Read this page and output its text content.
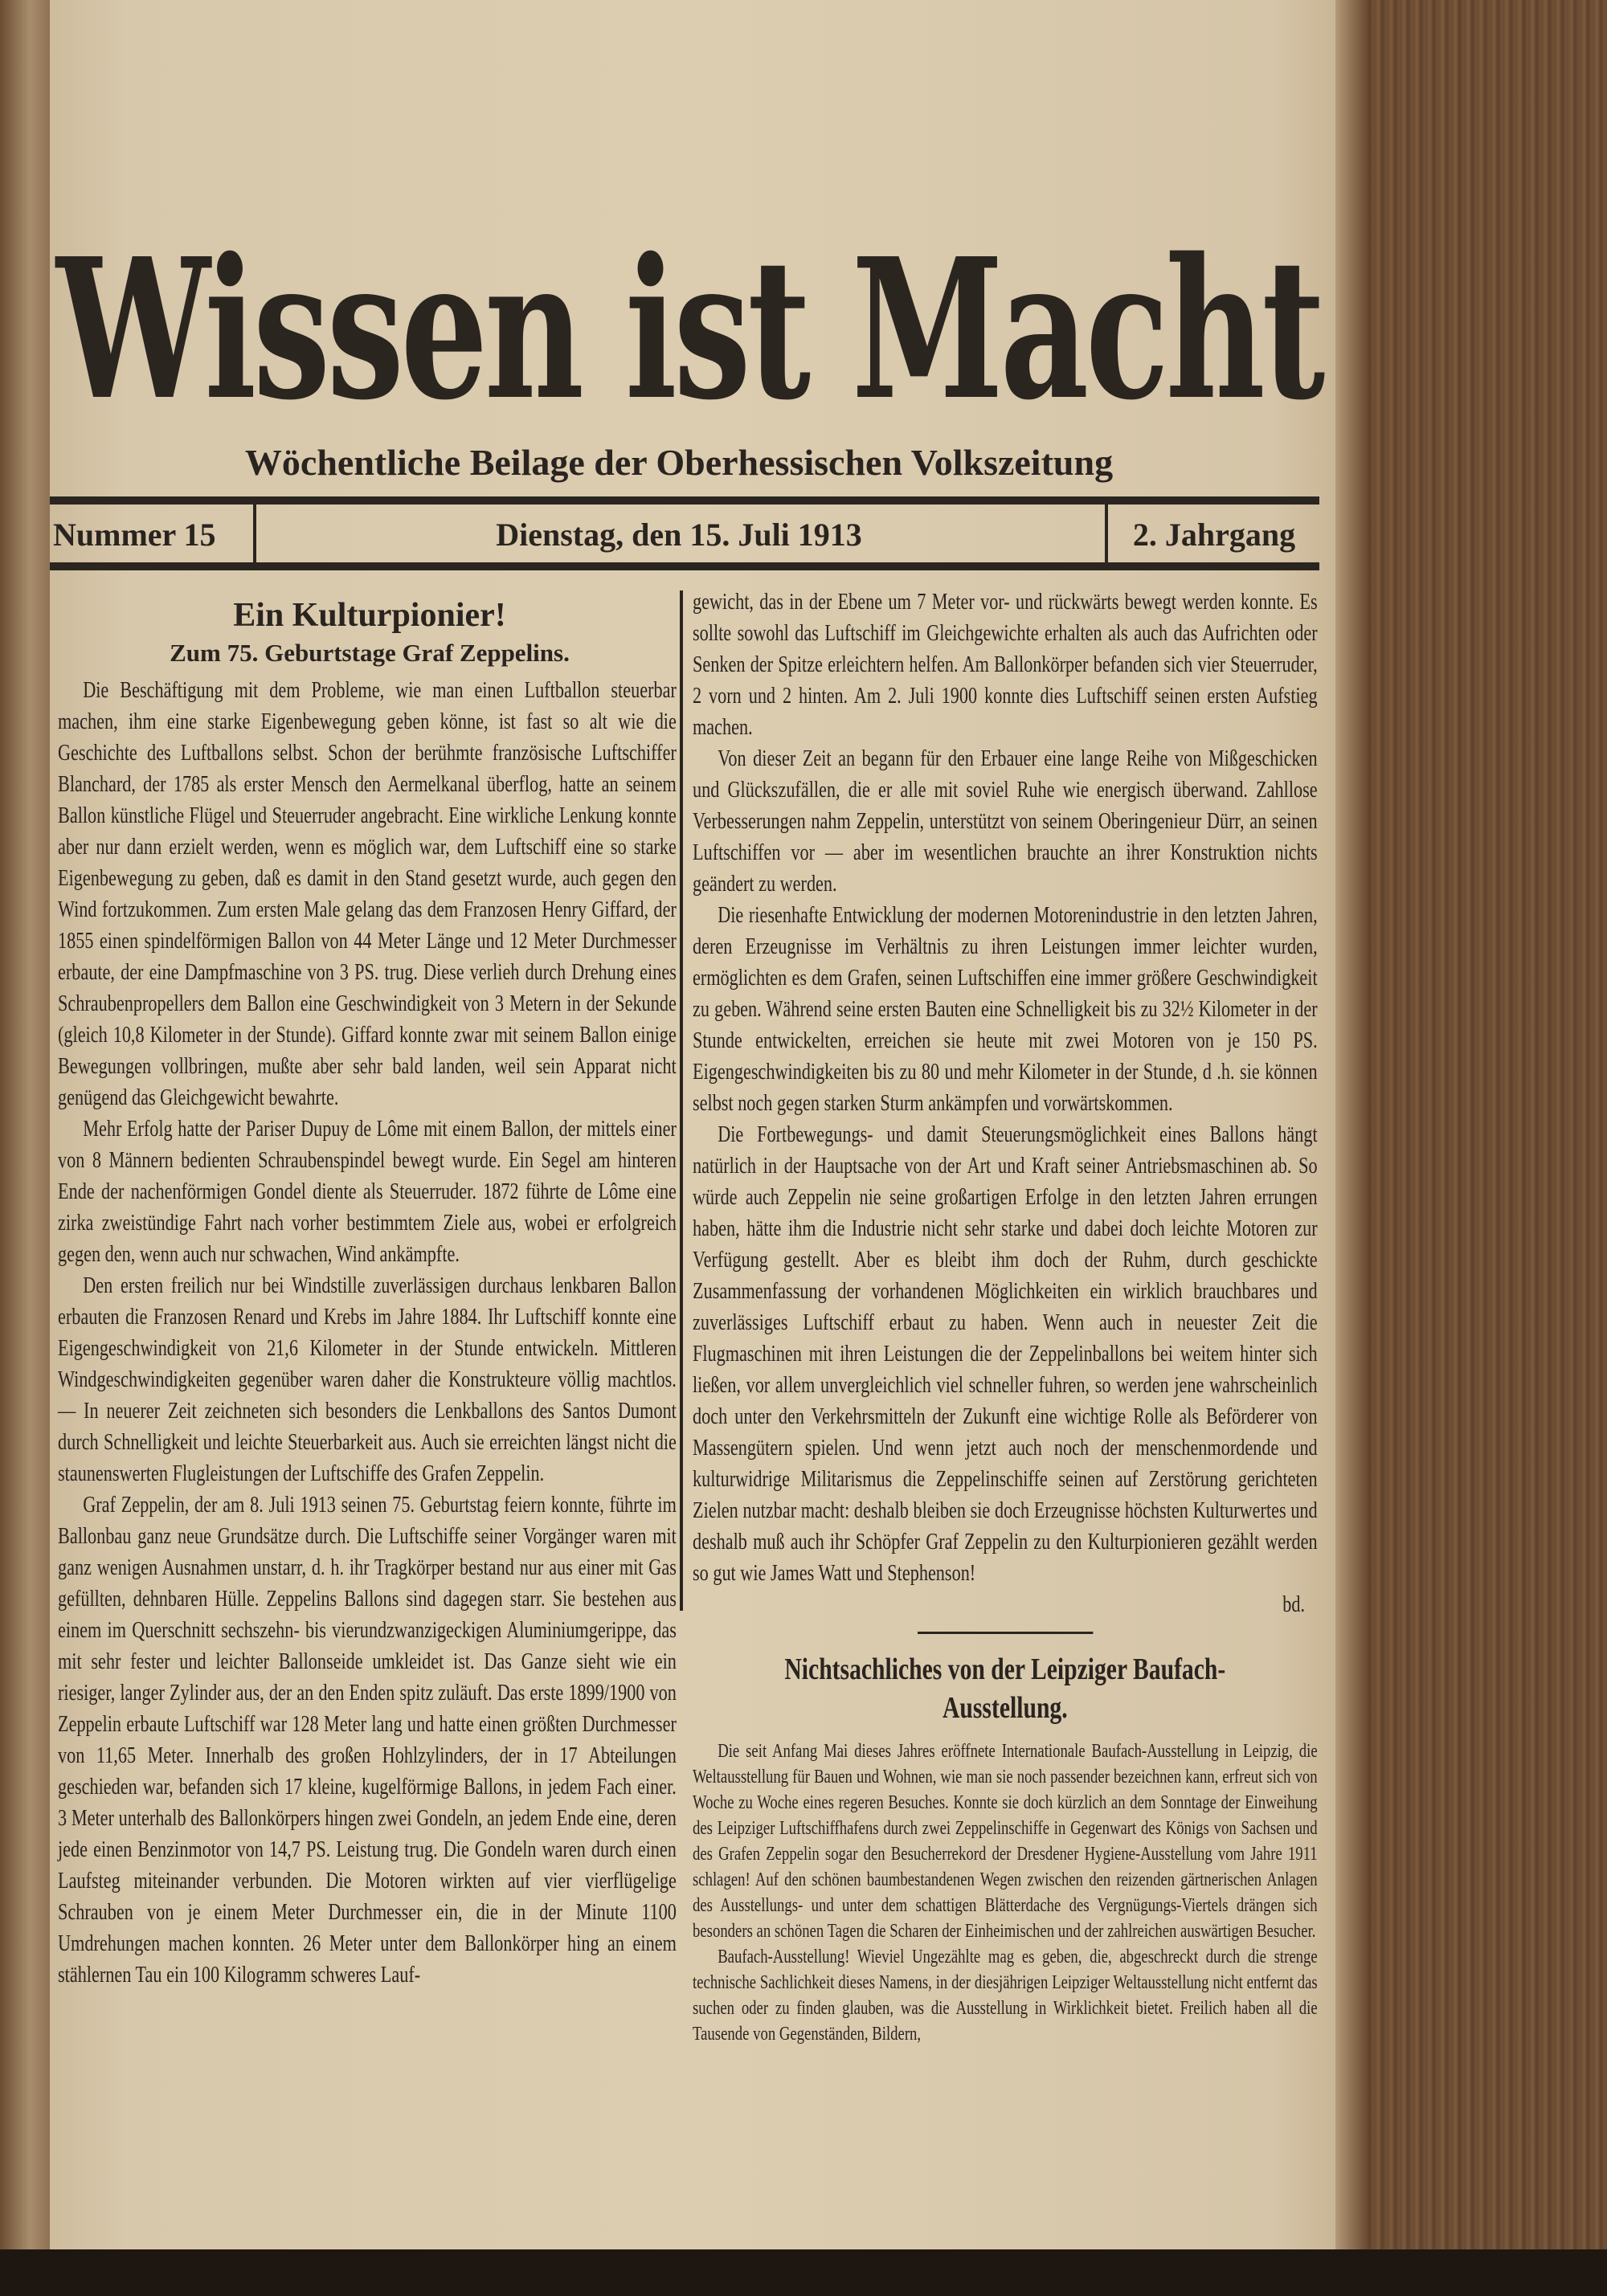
Wissen ist Macht
Wöchentliche Beilage der Oberhessischen Volkszeitung
Nummer 15	Dienstag, den 15. Juli 1913	2. Jahrgang
Ein Kulturpionier!
Zum 75. Geburtstage Graf Zeppelins.

Die Beschäftigung mit dem Probleme, wie man einen Luftballon steuerbar machen, ihm eine starke Eigenbewegung geben könne, ist fast so alt wie die Geschichte des Luftballons selbst. Schon der berühmte französische Luftschiffer Blanchard, der 1785 als erster Mensch den Aermelkanal überflog, hatte an seinem Ballon künstliche Flügel und Steuerruder angebracht. Eine wirkliche Lenkung konnte aber nur dann erzielt werden, wenn es möglich war, dem Luftschiff eine so starke Eigenbewegung zu geben, daß es damit in den Stand gesetzt wurde, auch gegen den Wind fortzukommen. Zum ersten Male gelang das dem Franzosen Henry Giffard, der 1855 einen spindelförmigen Ballon von 44 Meter Länge und 12 Meter Durchmesser erbaute, der eine Dampfmaschine von 3 PS. trug. Diese verlieh durch Drehung eines Schraubenpropellers dem Ballon eine Geschwindigkeit von 3 Metern in der Sekunde (gleich 10,8 Kilometer in der Stunde). Giffard konnte zwar mit seinem Ballon einige Bewegungen vollbringen, mußte aber sehr bald landen, weil sein Apparat nicht genügend das Gleichgewicht bewahrte.

Mehr Erfolg hatte der Pariser Dupuy de Lôme mit einem Ballon, der mittels einer von 8 Männern bedienten Schraubenspindel bewegt wurde. Ein Segel am hinteren Ende der nachenförmigen Gondel diente als Steuerruder. 1872 führte de Lôme eine zirka zweistündige Fahrt nach vorher bestimmtem Ziele aus, wobei er erfolgreich gegen den, wenn auch nur schwachen, Wind ankämpfte.

Den ersten freilich nur bei Windstille zuverlässigen durchaus lenkbaren Ballon erbauten die Franzosen Renard und Krebs im Jahre 1884. Ihr Luftschiff konnte eine Eigengeschwindigkeit von 21,6 Kilometer in der Stunde entwickeln. Mittleren Windgeschwindigkeiten gegenüber waren daher die Konstrukteure völlig machtlos. — In neuerer Zeit zeichneten sich besonders die Lenkballons des Santos Dumont durch Schnelligkeit und leichte Steuerbarkeit aus. Auch sie erreichten längst nicht die staunenswerten Flugleistungen der Luftschiffe des Grafen Zeppelin.

Graf Zeppelin, der am 8. Juli 1913 seinen 75. Geburtstag feiern konnte, führte im Ballonbau ganz neue Grundsätze durch. Die Luftschiffe seiner Vorgänger waren mit ganz wenigen Ausnahmen unstarr, d. h. ihr Tragkörper bestand nur aus einer mit Gas gefüllten, dehnbaren Hülle. Zeppelins Ballons sind dagegen starr. Sie bestehen aus einem im Querschnitt sechszehn- bis vierundzwanzigeckigen Aluminiumgerippe, das mit sehr fester und leichter Ballonseide umkleidet ist. Das Ganze sieht wie ein riesiger, langer Zylinder aus, der an den Enden spitz zuläuft. Das erste 1899/1900 von Zeppelin erbaute Luftschiff war 128 Meter lang und hatte einen größten Durchmesser von 11,65 Meter. Innerhalb des großen Hohlzylinders, der in 17 Abteilungen geschieden war, befanden sich 17 kleine, kugelförmige Ballons, in jedem Fach einer. 3 Meter unterhalb des Ballonkörpers hingen zwei Gondeln, an jedem Ende eine, deren jede einen Benzinmotor von 14,7 PS. Leistung trug. Die Gondeln waren durch einen Laufsteg miteinander verbunden. Die Motoren wirkten auf vier vierflügelige Schrauben von je einem Meter Durchmesser ein, die in der Minute 1100 Umdrehungen machen konnten. 26 Meter unter dem Ballonkörper hing an einem stählernen Tau ein 100 Kilogramm schweres Lauf-

gewicht, das in der Ebene um 7 Meter vor- und rückwärts bewegt werden konnte. Es sollte sowohl das Luftschiff im Gleichgewichte erhalten als auch das Aufrichten oder Senken der Spitze erleichtern helfen. Am Ballonkörper befanden sich vier Steuerruder, 2 vorn und 2 hinten. Am 2. Juli 1900 konnte dies Luftschiff seinen ersten Aufstieg machen.

Von dieser Zeit an begann für den Erbauer eine lange Reihe von Mißgeschicken und Glückszufällen, die er alle mit soviel Ruhe wie energisch überwand. Zahllose Verbesserungen nahm Zeppelin, unterstützt von seinem Oberingenieur Dürr, an seinen Luftschiffen vor — aber im wesentlichen brauchte an ihrer Konstruktion nichts geändert zu werden.

Die riesenhafte Entwicklung der modernen Motorenindustrie in den letzten Jahren, deren Erzeugnisse im Verhältnis zu ihren Leistungen immer leichter wurden, ermöglichten es dem Grafen, seinen Luftschiffen eine immer größere Geschwindigkeit zu geben. Während seine ersten Bauten eine Schnelligkeit bis zu 32½ Kilometer in der Stunde entwickelten, erreichen sie heute mit zwei Motoren von je 150 PS. Eigengeschwindigkeiten bis zu 80 und mehr Kilometer in der Stunde, d .h. sie können selbst noch gegen starken Sturm ankämpfen und vorwärtskommen.

Die Fortbewegungs- und damit Steuerungsmöglichkeit eines Ballons hängt natürlich in der Hauptsache von der Art und Kraft seiner Antriebsmaschinen ab. So würde auch Zeppelin nie seine großartigen Erfolge in den letzten Jahren errungen haben, hätte ihm die Industrie nicht sehr starke und dabei doch leichte Motoren zur Verfügung gestellt. Aber es bleibt ihm doch der Ruhm, durch geschickte Zusammenfassung der vorhandenen Möglichkeiten ein wirklich brauchbares und zuverlässiges Luftschiff erbaut zu haben. Wenn auch in neuester Zeit die Flugmaschinen mit ihren Leistungen die der Zeppelinballons bei weitem hinter sich ließen, vor allem unvergleichlich viel schneller fuhren, so werden jene wahrscheinlich doch unter den Verkehrsmitteln der Zukunft eine wichtige Rolle als Beförderer von Massengütern spielen. Und wenn jetzt auch noch der menschenmordende und kulturwidrige Militarismus die Zeppelinschiffe seinen auf Zerstörung gerichteten Zielen nutzbar macht: deshalb bleiben sie doch Erzeugnisse höchsten Kulturwertes und deshalb muß auch ihr Schöpfer Graf Zeppelin zu den Kulturpionieren gezählt werden so gut wie James Watt und Stephenson!

bd.
Nichtsachliches von der Leipziger Baufach-
Ausstellung.

Die seit Anfang Mai dieses Jahres eröffnete Internationale Baufach-Ausstellung in Leipzig, die Weltausstellung für Bauen und Wohnen, wie man sie noch passender bezeichnen kann, erfreut sich von Woche zu Woche eines regeren Besuches. Konnte sie doch kürzlich an dem Sonntage der Einweihung des Leipziger Luftschiffhafens durch zwei Zeppelinschiffe in Gegenwart des Königs von Sachsen und des Grafen Zeppelin sogar den Besucherrekord der Dresdener Hygiene-Ausstellung vom Jahre 1911 schlagen! Auf den schönen baumbestandenen Wegen zwischen den reizenden gärtnerischen Anlagen des Ausstellungs- und unter dem schattigen Blätterdache des Vergnügungs-Viertels drängen sich besonders an schönen Tagen die Scharen der Einheimischen und der zahlreichen auswärtigen Besucher.

Baufach-Ausstellung! Wieviel Ungezählte mag es geben, die, abgeschreckt durch die strenge technische Sachlichkeit dieses Namens, in der diesjährigen Leipziger Weltausstellung nicht entfernt das suchen oder zu finden glauben, was die Ausstellung in Wirklichkeit bietet. Freilich haben all die Tausende von Gegenständen, Bildern,
